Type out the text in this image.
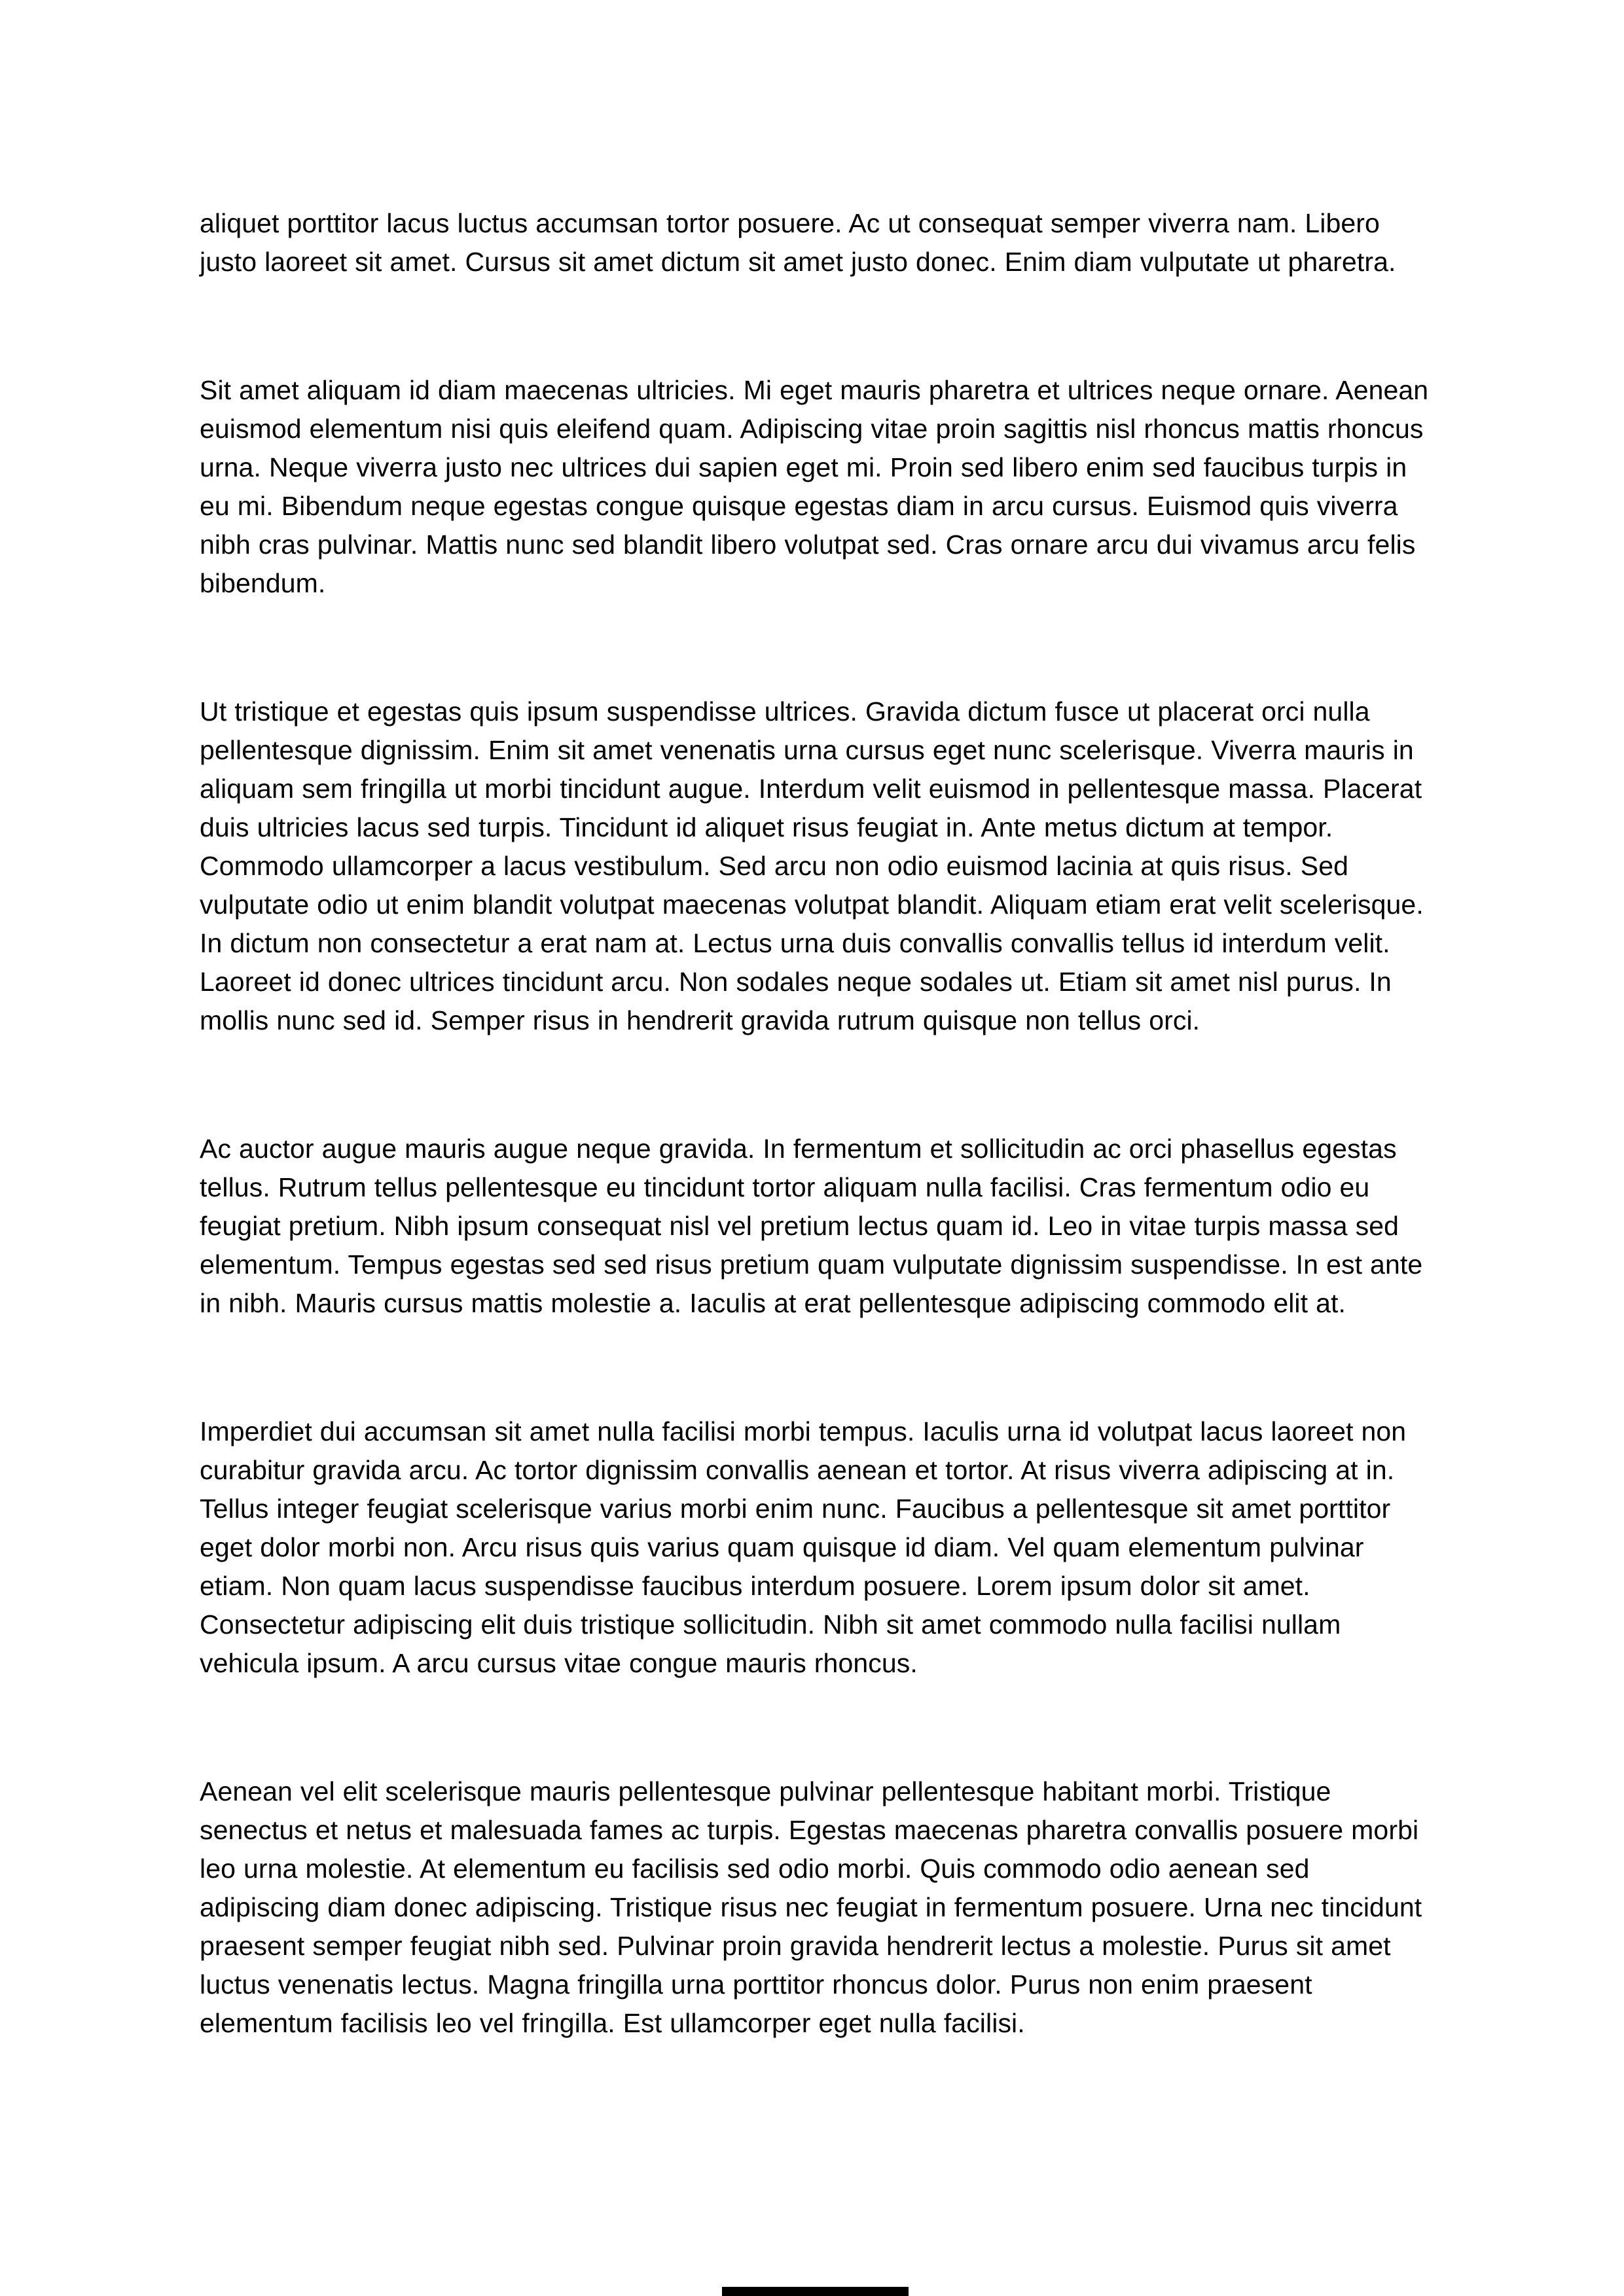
aliquet porttitor lacus luctus accumsan tortor posuere. Ac ut consequat semper viverra nam. Libero justo laoreet sit amet. Cursus sit amet dictum sit amet justo donec. Enim diam vulputate ut pharetra.

Sit amet aliquam id diam maecenas ultricies. Mi eget mauris pharetra et ultrices neque ornare. Aenean euismod elementum nisi quis eleifend quam. Adipiscing vitae proin sagittis nisl rhoncus mattis rhoncus urna. Neque viverra justo nec ultrices dui sapien eget mi. Proin sed libero enim sed faucibus turpis in eu mi. Bibendum neque egestas congue quisque egestas diam in arcu cursus. Euismod quis viverra nibh cras pulvinar. Mattis nunc sed blandit libero volutpat sed. Cras ornare arcu dui vivamus arcu felis bibendum.

Ut tristique et egestas quis ipsum suspendisse ultrices. Gravida dictum fusce ut placerat orci nulla pellentesque dignissim. Enim sit amet venenatis urna cursus eget nunc scelerisque. Viverra mauris in aliquam sem fringilla ut morbi tincidunt augue. Interdum velit euismod in pellentesque massa. Placerat duis ultricies lacus sed turpis. Tincidunt id aliquet risus feugiat in. Ante metus dictum at tempor. Commodo ullamcorper a lacus vestibulum. Sed arcu non odio euismod lacinia at quis risus. Sed vulputate odio ut enim blandit volutpat maecenas volutpat blandit. Aliquam etiam erat velit scelerisque. In dictum non consectetur a erat nam at. Lectus urna duis convallis convallis tellus id interdum velit. Laoreet id donec ultrices tincidunt arcu. Non sodales neque sodales ut. Etiam sit amet nisl purus. In mollis nunc sed id. Semper risus in hendrerit gravida rutrum quisque non tellus orci.

Ac auctor augue mauris augue neque gravida. In fermentum et sollicitudin ac orci phasellus egestas tellus. Rutrum tellus pellentesque eu tincidunt tortor aliquam nulla facilisi. Cras fermentum odio eu feugiat pretium. Nibh ipsum consequat nisl vel pretium lectus quam id. Leo in vitae turpis massa sed elementum. Tempus egestas sed sed risus pretium quam vulputate dignissim suspendisse. In est ante in nibh. Mauris cursus mattis molestie a. Iaculis at erat pellentesque adipiscing commodo elit at.

Imperdiet dui accumsan sit amet nulla facilisi morbi tempus. Iaculis urna id volutpat lacus laoreet non curabitur gravida arcu. Ac tortor dignissim convallis aenean et tortor. At risus viverra adipiscing at in. Tellus integer feugiat scelerisque varius morbi enim nunc. Faucibus a pellentesque sit amet porttitor eget dolor morbi non. Arcu risus quis varius quam quisque id diam. Vel quam elementum pulvinar etiam. Non quam lacus suspendisse faucibus interdum posuere. Lorem ipsum dolor sit amet. Consectetur adipiscing elit duis tristique sollicitudin. Nibh sit amet commodo nulla facilisi nullam vehicula ipsum. A arcu cursus vitae congue mauris rhoncus.

Aenean vel elit scelerisque mauris pellentesque pulvinar pellentesque habitant morbi. Tristique senectus et netus et malesuada fames ac turpis. Egestas maecenas pharetra convallis posuere morbi leo urna molestie. At elementum eu facilisis sed odio morbi. Quis commodo odio aenean sed adipiscing diam donec adipiscing. Tristique risus nec feugiat in fermentum posuere. Urna nec tincidunt praesent semper feugiat nibh sed. Pulvinar proin gravida hendrerit lectus a molestie. Purus sit amet luctus venenatis lectus. Magna fringilla urna porttitor rhoncus dolor. Purus non enim praesent elementum facilisis leo vel fringilla. Est ullamcorper eget nulla facilisi.
